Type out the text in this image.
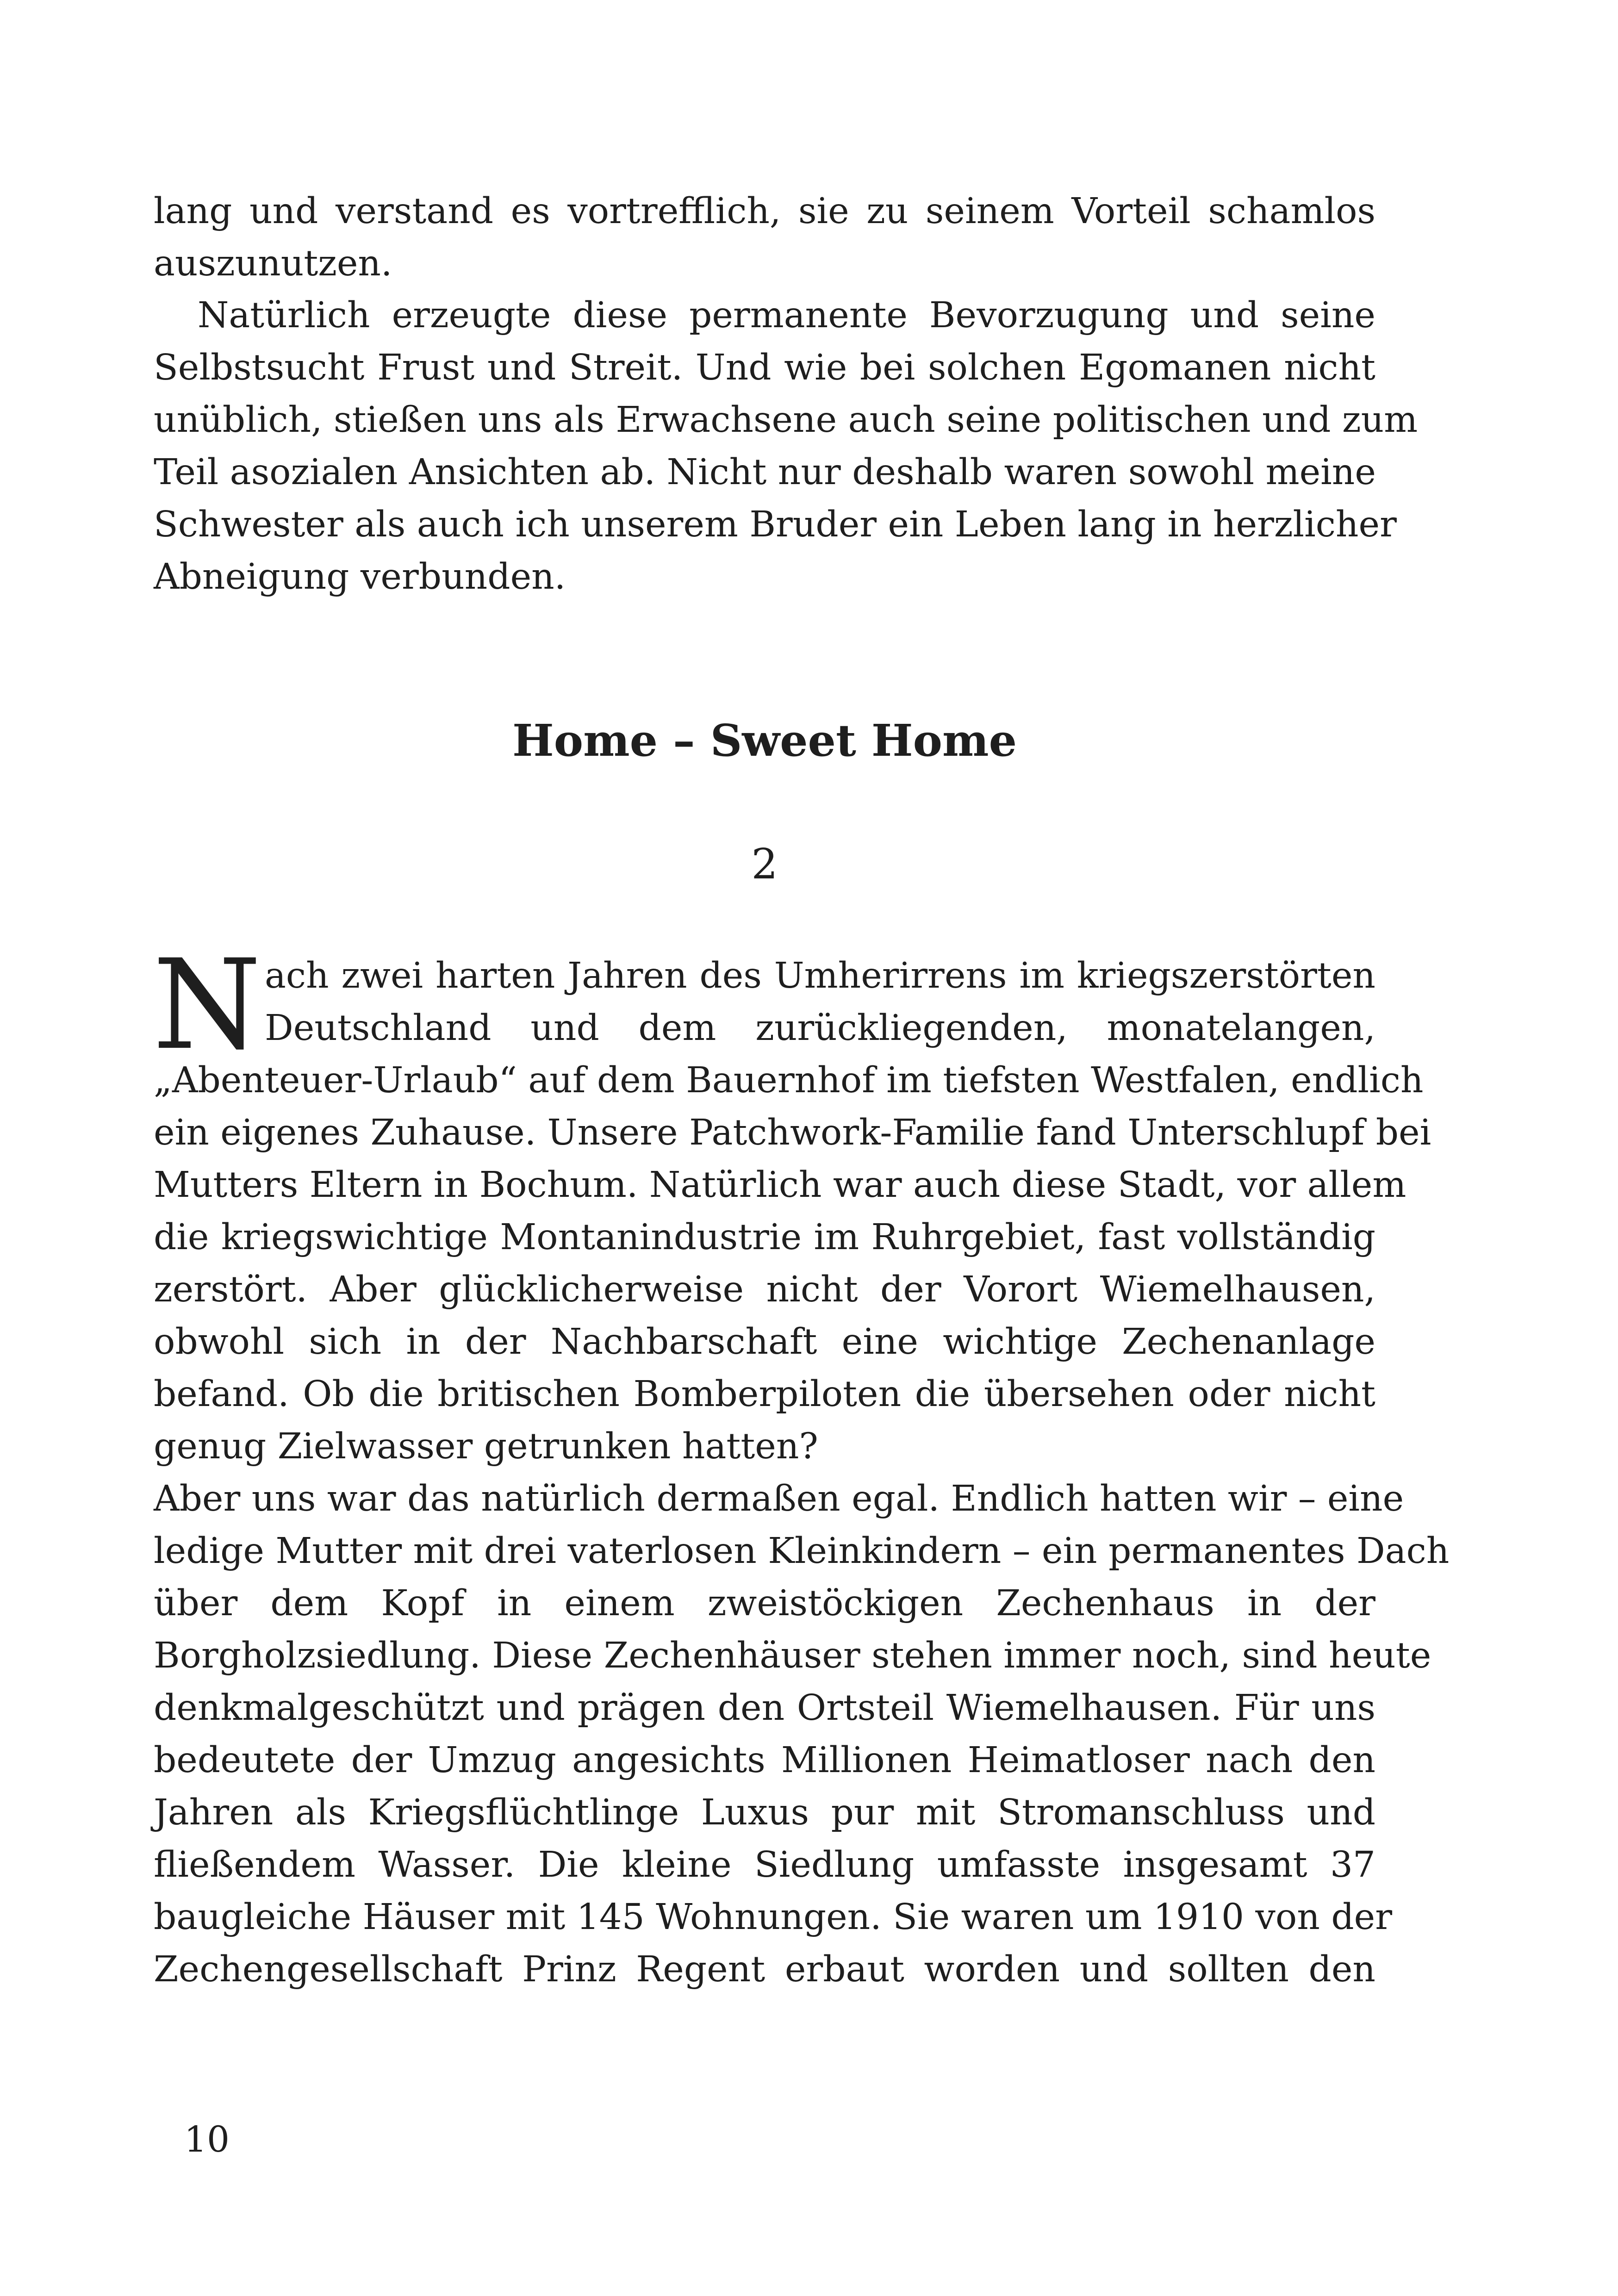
lang und verstand es vortrefflich, sie zu seinem Vorteil schamlos

auszunutzen.

Natürlich erzeugte diese permanente Bevorzugung und seine

Selbstsucht Frust und Streit. Und wie bei solchen Egomanen nicht

unüblich, stießen uns als Erwachsene auch seine politischen und zum

Teil asozialen Ansichten ab. Nicht nur deshalb waren sowohl meine

Schwester als auch ich unserem Bruder ein Leben lang in herzlicher

Abneigung verbunden.

Home – Sweet Home
2
N ach zwei harten Jahren des Umherirrens im kriegszerstörten

Deutschland und dem zurückliegenden, monatelangen,

„Abenteuer-Urlaub“ auf dem Bauernhof im tiefsten Westfalen, endlich

ein eigenes Zuhause. Unsere Patchwork-Familie fand Unterschlupf bei

Mutters Eltern in Bochum. Natürlich war auch diese Stadt, vor allem

die kriegswichtige Montanindustrie im Ruhrgebiet, fast vollständig

zerstört. Aber glücklicherweise nicht der Vorort Wiemelhausen,

obwohl sich in der Nachbarschaft eine wichtige Zechenanlage

befand. Ob die britischen Bomberpiloten die übersehen oder nicht

genug Zielwasser getrunken hatten?

Aber uns war das natürlich dermaßen egal. Endlich hatten wir – eine

ledige Mutter mit drei vaterlosen Kleinkindern – ein permanentes Dach

über dem Kopf in einem zweistöckigen Zechenhaus in der

Borgholzsiedlung. Diese Zechenhäuser stehen immer noch, sind heute

denkmalgeschützt und prägen den Ortsteil Wiemelhausen. Für uns

bedeutete der Umzug angesichts Millionen Heimatloser nach den

Jahren als Kriegsflüchtlinge Luxus pur mit Stromanschluss und

fließendem Wasser. Die kleine Siedlung umfasste insgesamt 37

baugleiche Häuser mit 145 Wohnungen. Sie waren um 1910 von der

Zechengesellschaft Prinz Regent erbaut worden und sollten den

10
